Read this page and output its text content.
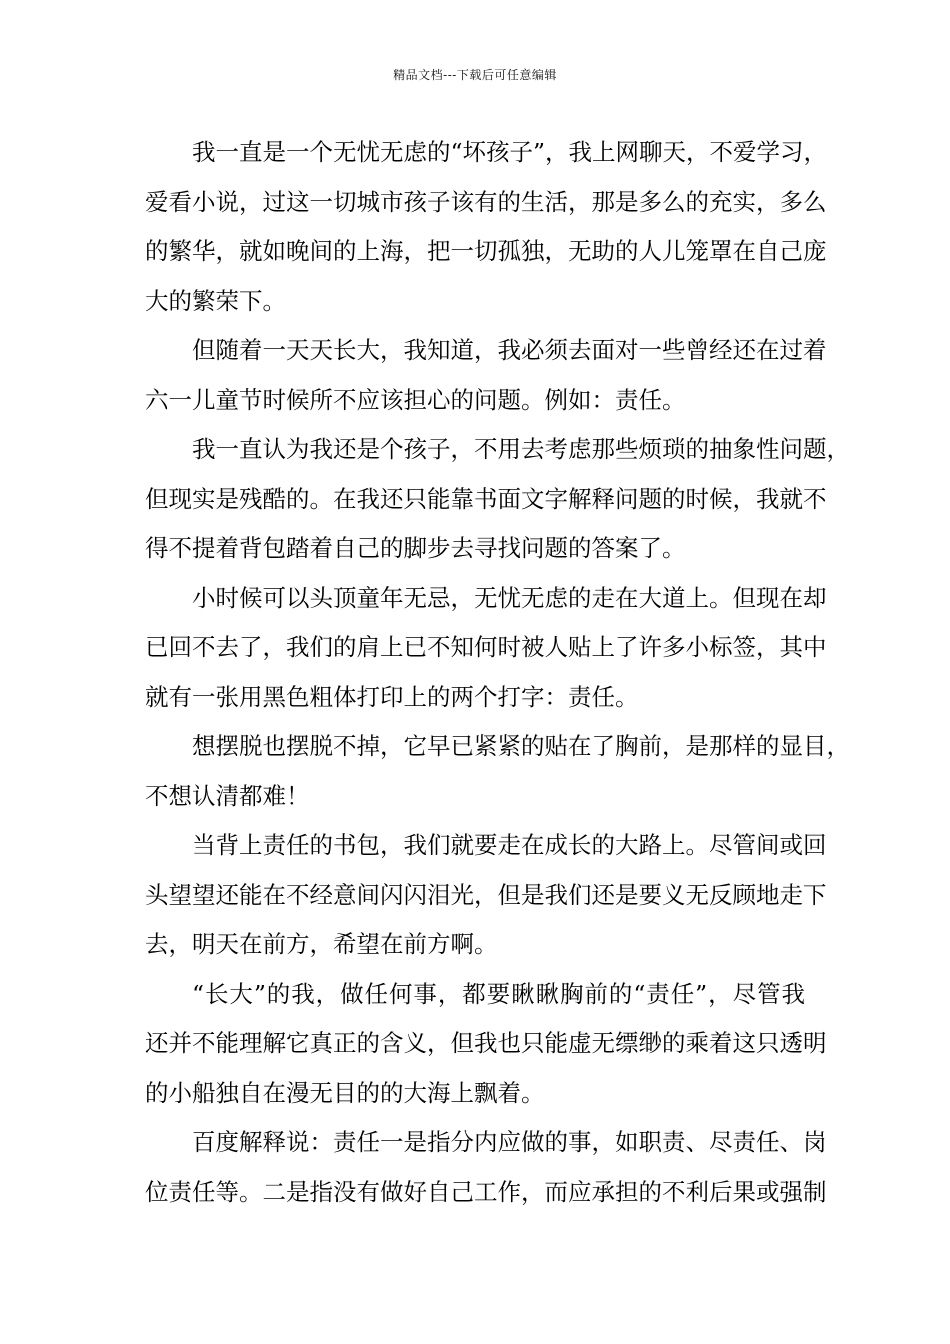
精品文档---下载后可任意编辑
我 一 直 是 一 个 无 忧 无 虑 的 “ 坏 孩 子 ” ， 我 上 网 聊 天 ， 不 爱 学 习 ，
爱 看 小 说 ， 过 这 一 切 城 市 孩 子 该 有 的 生 活 ， 那 是 多 么 的 充 实 ， 多 么
的 繁 华 ， 就 如 晚 间 的 上 海 ， 把 一 切 孤 独 ， 无 助 的 人 儿 笼 罩 在 自 己 庞
大的繁荣下。
但 随 着 一 天 天 长 大 ， 我 知 道 ， 我 必 须 去 面 对 一 些 曾 经 还 在 过 着
六一儿童节时候所不应该担心的问题。例如：责任。
我 一 直 认 为 我 还 是 个 孩 子 ， 不 用 去 考 虑 那 些 烦 琐 的 抽 象 性 问 题 ，
但 现 实 是 残 酷 的 。 在 我 还 只 能 靠 书 面 文 字 解 释 问 题 的 时 候 ， 我 就 不
得不提着背包踏着自己的脚步去寻找问题的答案了。
小 时 候 可 以 头 顶 童 年 无 忌 ， 无 忧 无 虑 的 走 在 大 道 上 。 但 现 在 却
已 回 不 去 了 ， 我 们 的 肩 上 已 不 知 何 时 被 人 贴 上 了 许 多 小 标 签 ， 其 中
就有一张用黑色粗体打印上的两个打字：责任。
想 摆 脱 也 摆 脱 不 掉 ， 它 早 已 紧 紧 的 贴 在 了 胸 前 ， 是 那 样 的 显 目 ，
不想认清都难！
当 背 上 责 任 的 书 包 ， 我 们 就 要 走 在 成 长 的 大 路 上 。 尽 管 间 或 回
头 望 望 还 能 在 不 经 意 间 闪 闪 泪 光 ， 但 是 我 们 还 是 要 义 无 反 顾 地 走 下
去，明天在前方，希望在前方啊。
“ 长 大 ” 的 我 ， 做 任 何 事 ， 都 要 瞅 瞅 胸 前 的 “ 责 任 ” ， 尽 管 我
还 并 不 能 理 解 它 真 正 的 含 义 ， 但 我 也 只 能 虚 无 缥 缈 的 乘 着 这 只 透 明
的小船独自在漫无目的的大海上飘着。
百 度 解 释 说 ： 责 任 一 是 指 分 内 应 做 的 事 ， 如 职 责 、 尽 责 任 、 岗
位 责 任 等 。 二 是 指 没 有 做 好 自 己 工 作 ， 而 应 承 担 的 不 利 后 果 或 强 制
